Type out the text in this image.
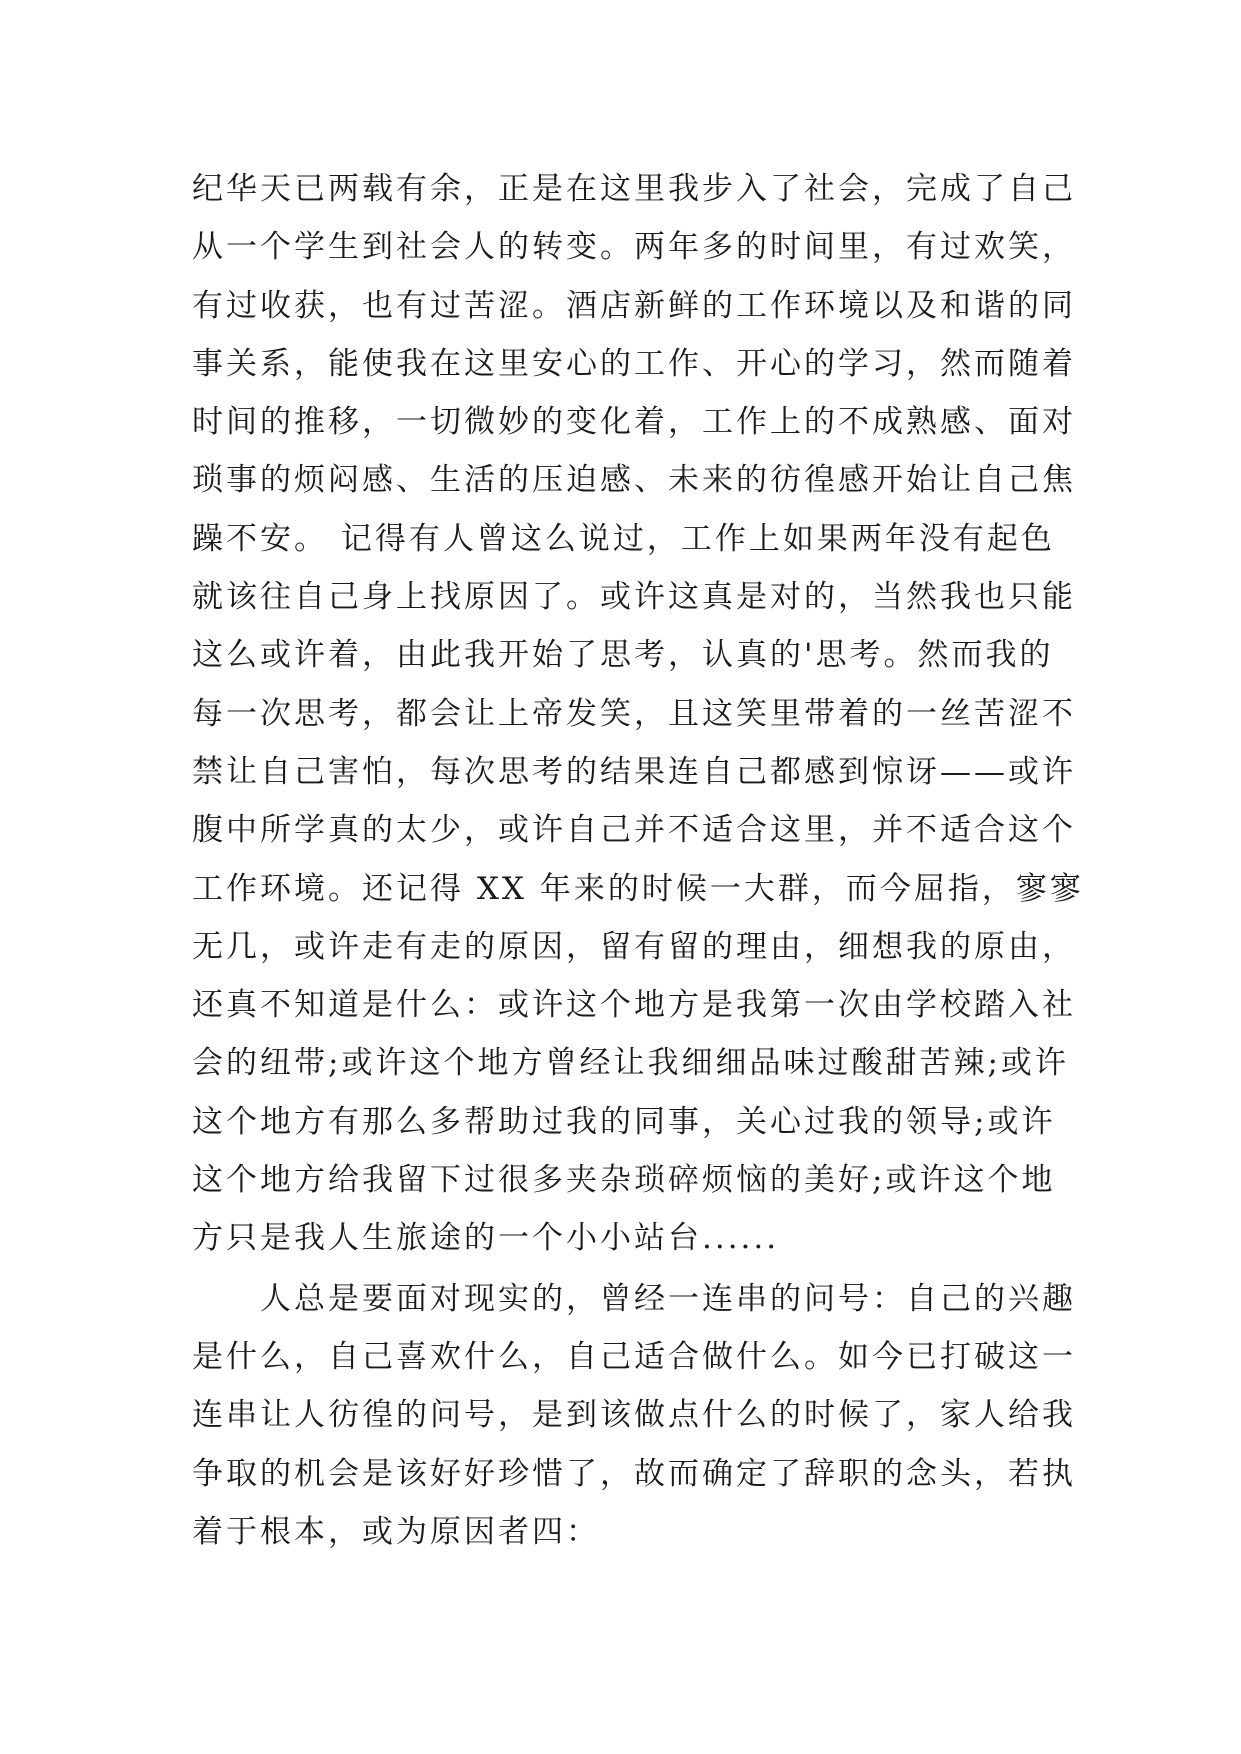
纪华天已两载有余，正是在这里我步入了社会，完成了自己
从一个学生到社会人的转变。两年多的时间里，有过欢笑，
有过收获，也有过苦涩。酒店新鲜的工作环境以及和谐的同
事关系，能使我在这里安心的工作、开心的学习，然而随着
时间的推移，一切微妙的变化着，工作上的不成熟感、面对
琐事的烦闷感、生活的压迫感、未来的彷徨感开始让自己焦
躁不安。 记得有人曾这么说过，工作上如果两年没有起色
就该往自己身上找原因了。或许这真是对的，当然我也只能
这么或许着，由此我开始了思考，认真的'思考。然而我的
每一次思考，都会让上帝发笑，且这笑里带着的一丝苦涩不
禁让自己害怕，每次思考的结果连自己都感到惊讶——或许
腹中所学真的太少，或许自己并不适合这里，并不适合这个
工作环境。还记得 XX 年来的时候一大群，而今屈指，寥寥
无几，或许走有走的原因，留有留的理由，细想我的原由，
还真不知道是什么：或许这个地方是我第一次由学校踏入社
会的纽带;或许这个地方曾经让我细细品味过酸甜苦辣;或许
这个地方有那么多帮助过我的同事，关心过我的领导;或许
这个地方给我留下过很多夹杂琐碎烦恼的美好;或许这个地
方只是我人生旅途的一个小小站台......
　　人总是要面对现实的，曾经一连串的问号：自己的兴趣
是什么，自己喜欢什么，自己适合做什么。如今已打破这一
连串让人彷徨的问号，是到该做点什么的时候了，家人给我
争取的机会是该好好珍惜了，故而确定了辞职的念头，若执
着于根本，或为原因者四：
